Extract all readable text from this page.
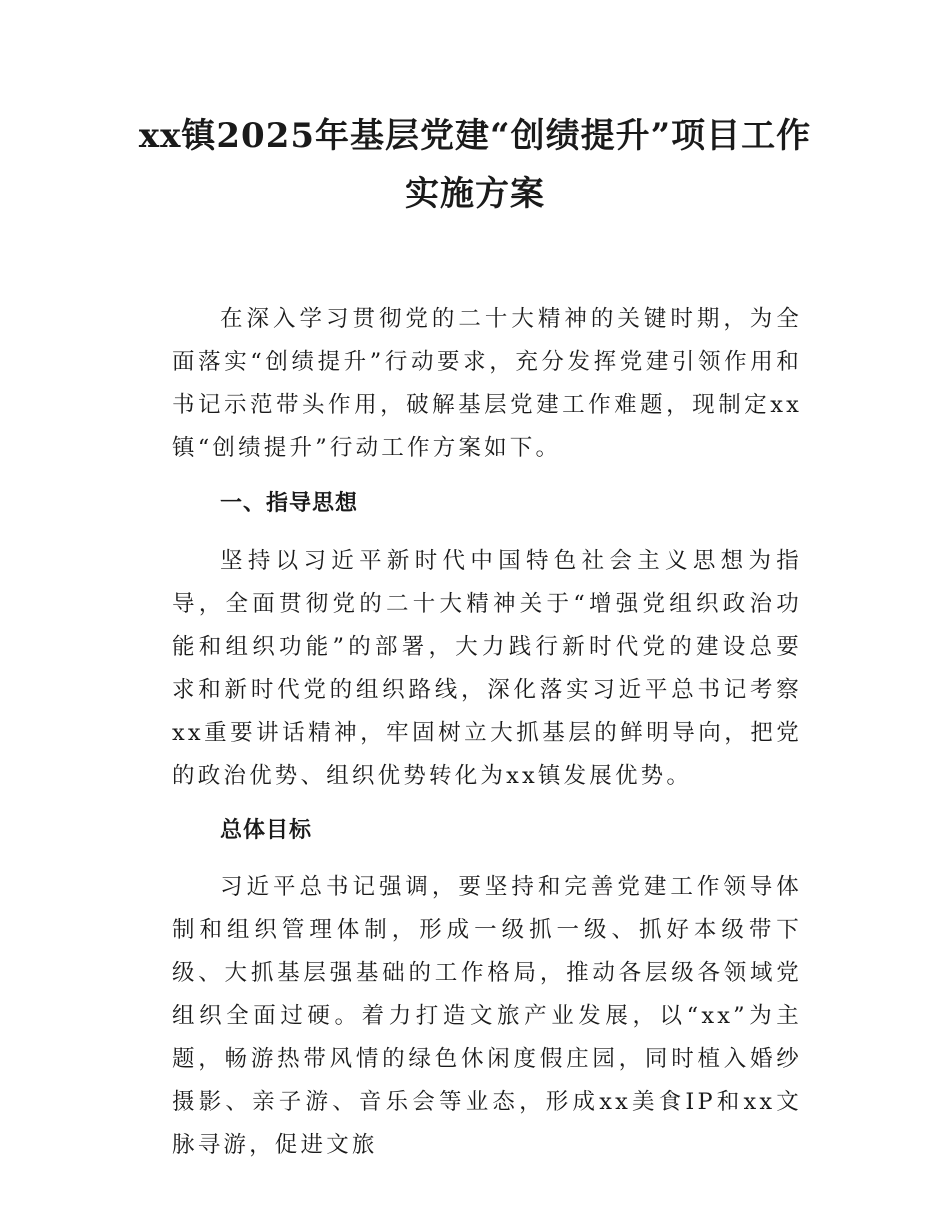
xx镇2025年基层党建“创绩提升”项目工作
实施方案

在深入学习贯彻党的二十大精神的关键时期，为全面落实“创绩提升”行动要求，充分发挥党建引领作用和书记示范带头作用，破解基层党建工作难题，现制定xx镇“创绩提升”行动工作方案如下。

一、指导思想

坚持以习近平新时代中国特色社会主义思想为指导，全面贯彻党的二十大精神关于“增强党组织政治功能和组织功能”的部署，大力践行新时代党的建设总要求和新时代党的组织路线，深化落实习近平总书记考察xx重要讲话精神，牢固树立大抓基层的鲜明导向，把党的政治优势、组织优势转化为xx镇发展优势。

总体目标

习近平总书记强调，要坚持和完善党建工作领导体制和组织管理体制，形成一级抓一级、抓好本级带下级、大抓基层强基础的工作格局，推动各层级各领域党组织全面过硬。着力打造文旅产业发展，以“xx”为主题，畅游热带风情的绿色休闲度假庄园，同时植入婚纱摄影、亲子游、音乐会等业态，形成xx美食IP和xx文脉寻游，促进文旅
